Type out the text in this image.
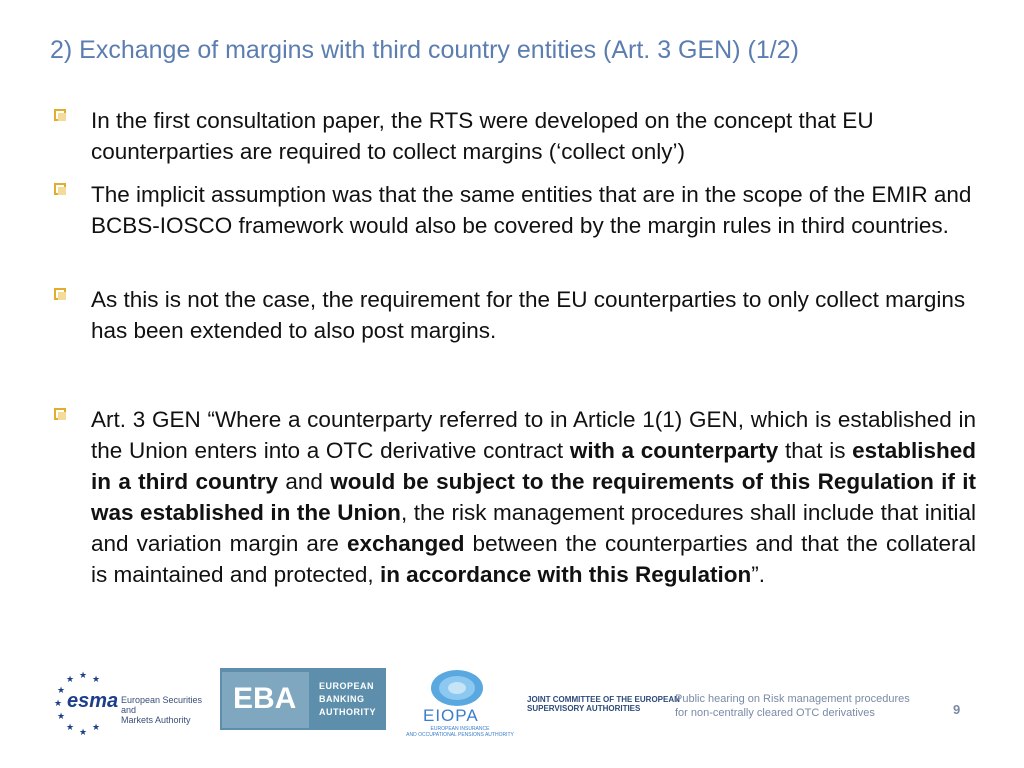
2) Exchange of margins with third country entities (Art. 3 GEN) (1/2)
In the first consultation paper, the RTS were developed on the concept that EU counterparties are required to collect margins (‘collect only’)
The implicit assumption was that the same entities that are in the scope of the EMIR and BCBS-IOSCO framework would also be covered by the margin rules in third countries.
As this is not the case, the requirement for the EU counterparties to only collect margins has been extended to also post margins.
Art. 3 GEN “Where a counterparty referred to in Article 1(1) GEN, which is established in the Union enters into a OTC derivative contract with a counterparty that is established in a third country and would be subject to the requirements of this Regulation if it was established in the Union, the risk management procedures shall include that initial and variation margin are exchanged between the counterparties and that the collateral is maintained and protected, in accordance with this Regulation”.
★ ★
★
★
★
★
★ ★ ★
esma European Securities and
Markets Authority
EBA	EUROPEAN
BANKING
AUTHORITY	EIOPA
EUROPEAN INSURANCE
AND OCCUPATIONAL PENSIONS AUTHORITY
JOINT COMMITTEE OF THE EUROPEAN
SUPERVISORY AUTHORITIES
Public hearing on Risk management procedures
for non-centrally cleared OTC derivatives	9
